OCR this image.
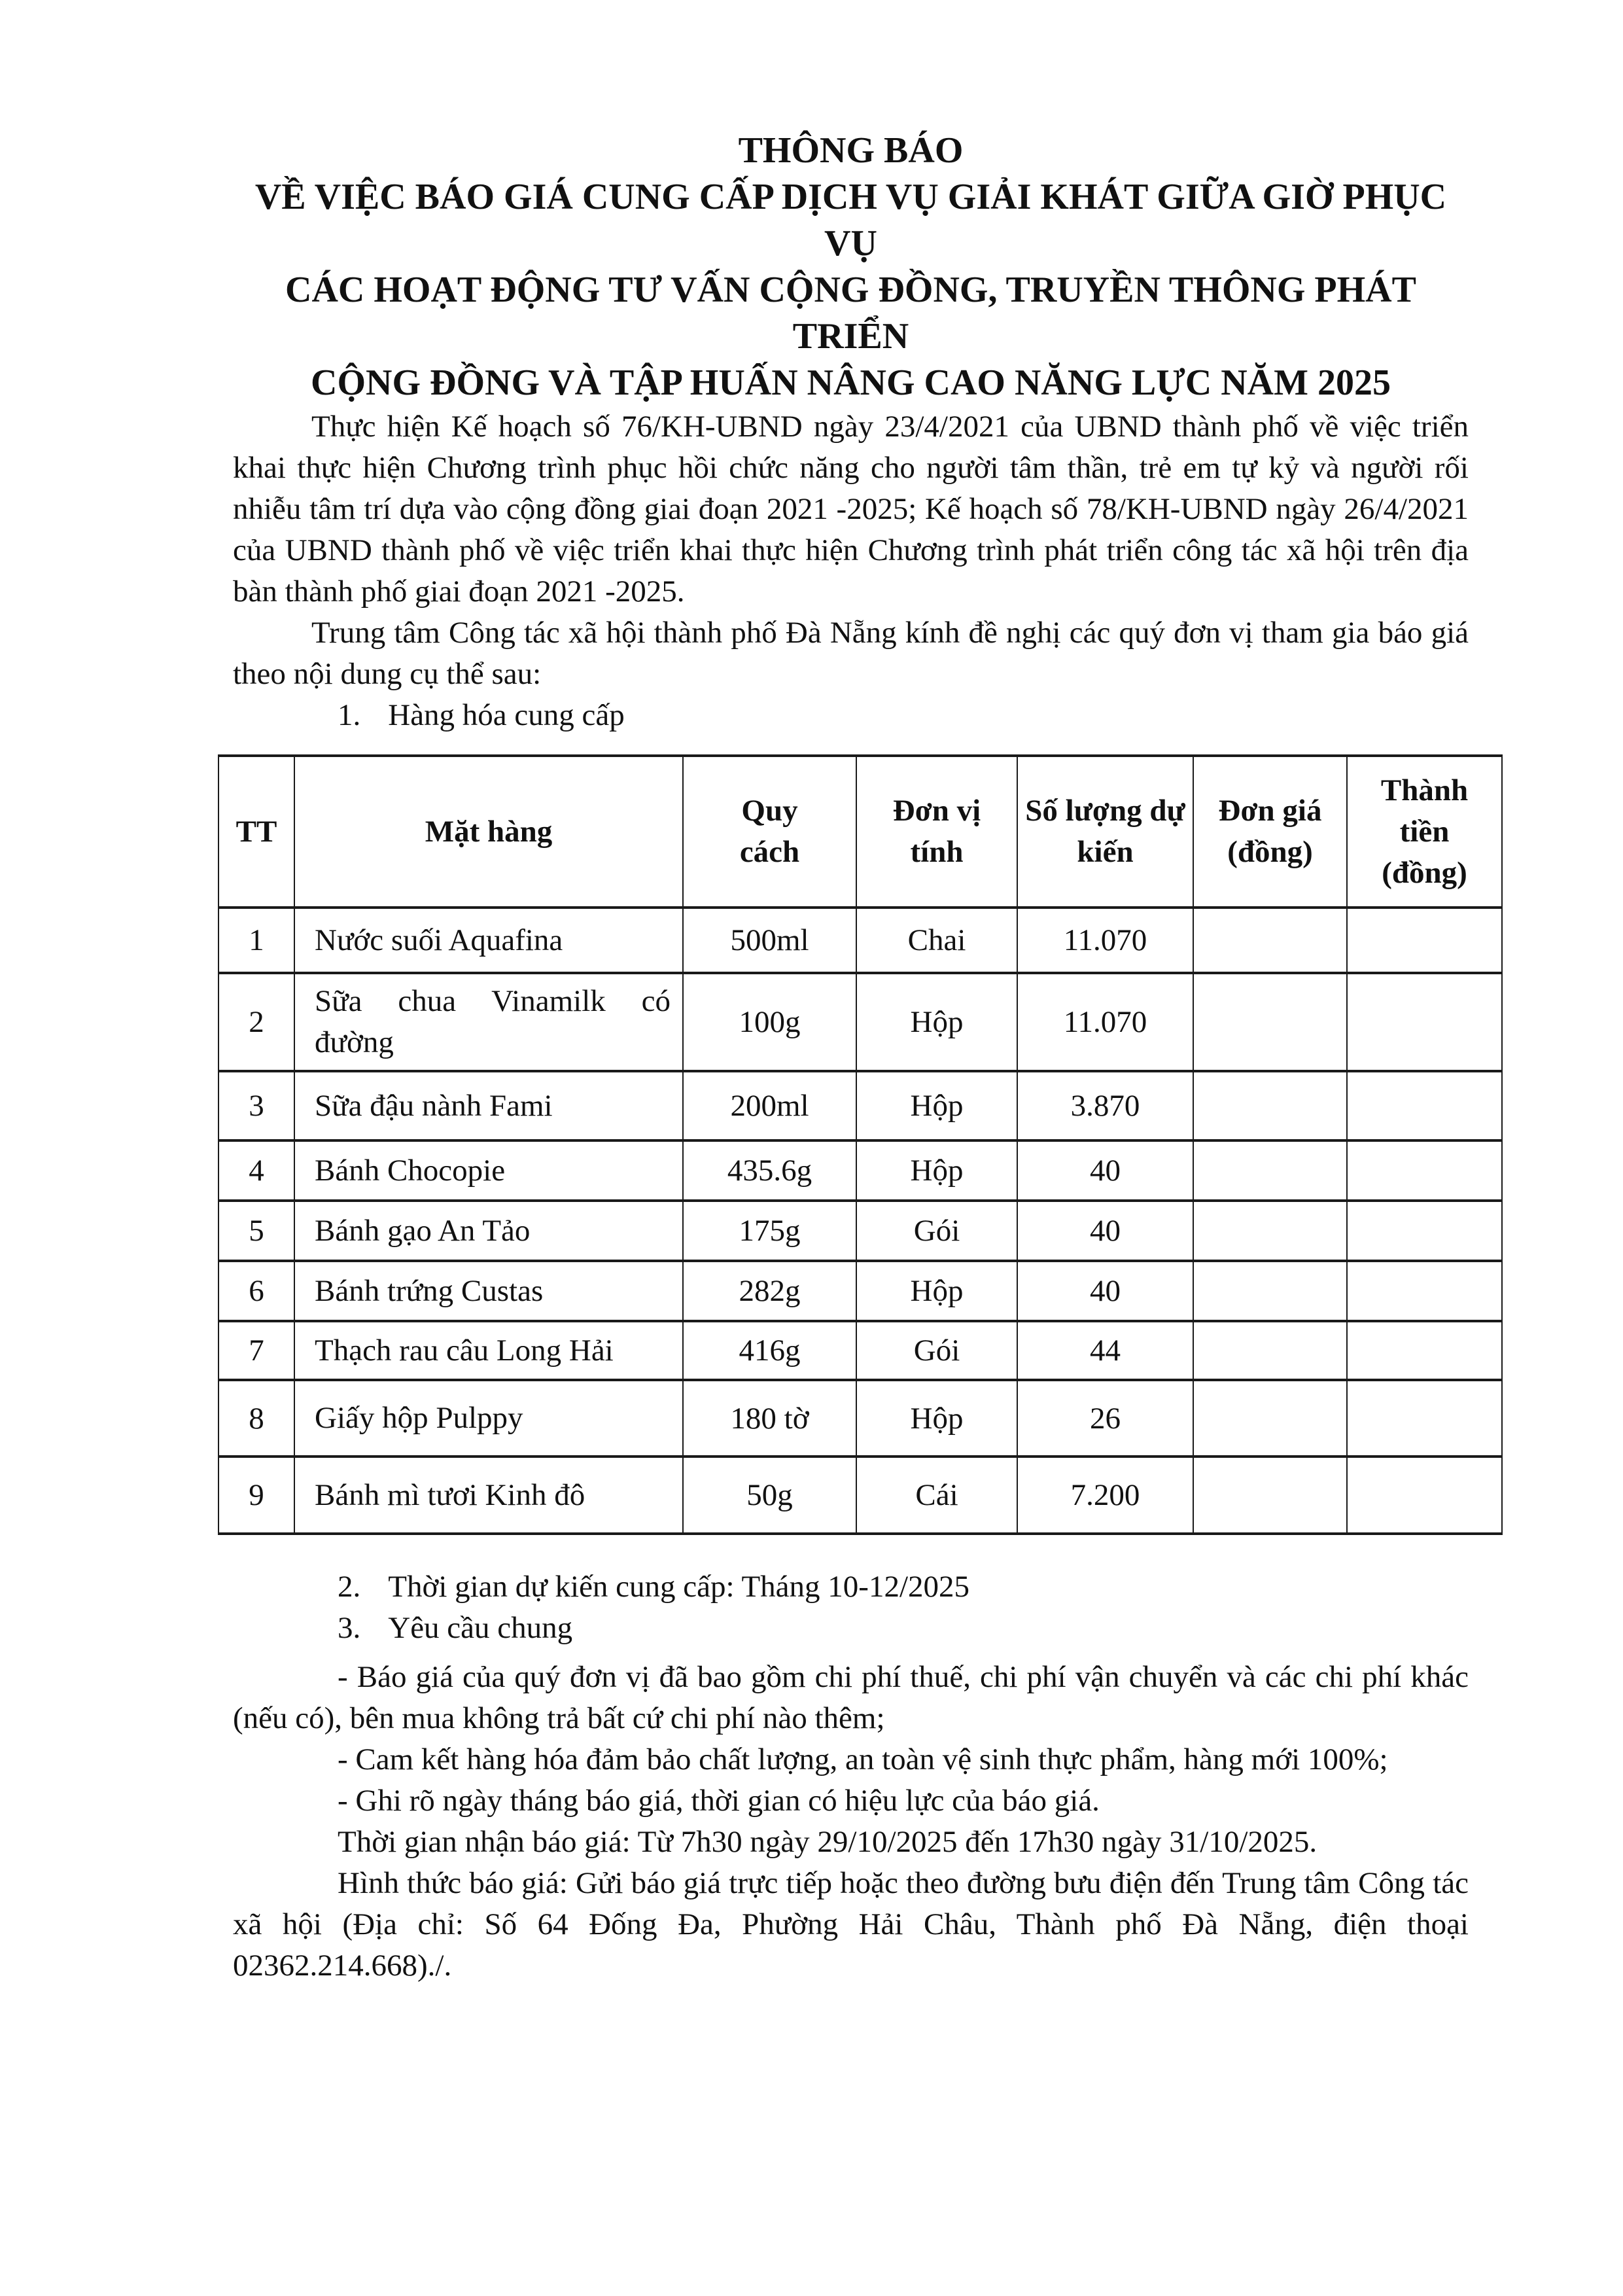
THÔNG BÁO

VỀ VIỆC BÁO GIÁ CUNG CẤP DỊCH VỤ GIẢI KHÁT GIỮA GIỜ PHỤC VỤ

CÁC HOẠT ĐỘNG TƯ VẤN CỘNG ĐỒNG, TRUYỀN THÔNG PHÁT TRIỂN

CỘNG ĐỒNG VÀ TẬP HUẤN NÂNG CAO NĂNG LỰC NĂM 2025

Thực hiện Kế hoạch số 76/KH-UBND ngày 23/4/2021 của UBND thành phố về việc triển khai thực hiện Chương trình phục hồi chức năng cho người tâm thần, trẻ em tự kỷ và người rối nhiễu tâm trí dựa vào cộng đồng giai đoạn 2021 -2025; Kế hoạch số 78/KH-UBND ngày 26/4/2021 của UBND thành phố về việc triển khai thực hiện Chương trình phát triển công tác xã hội trên địa bàn thành phố giai đoạn 2021 -2025.

Trung tâm Công tác xã hội thành phố Đà Nẵng kính đề nghị các quý đơn vị tham gia báo giá theo nội dung cụ thể sau:

1. Hàng hóa cung cấp

TT	Mặt hàng	Quy cách	Đơn vị tính	Số lượng dự kiến	Đơn giá (đồng)	Thành tiền (đồng)
1	Nước suối Aquafina	500ml	Chai	11.070		
2	Sữa chua Vinamilk có đường	100g	Hộp	11.070		
3	Sữa đậu nành Fami	200ml	Hộp	3.870		
4	Bánh Chocopie	435.6g	Hộp	40		
5	Bánh gạo An Tảo	175g	Gói	40		
6	Bánh trứng Custas	282g	Hộp	40		
7	Thạch rau câu Long Hải	416g	Gói	44		
8	Giấy hộp Pulppy	180 tờ	Hộp	26		
9	Bánh mì tươi Kinh đô	50g	Cái	7.200		

2. Thời gian dự kiến cung cấp: Tháng 10-12/2025

3. Yêu cầu chung

- Báo giá của quý đơn vị đã bao gồm chi phí thuế, chi phí vận chuyển và các chi phí khác (nếu có), bên mua không trả bất cứ chi phí nào thêm;

- Cam kết hàng hóa đảm bảo chất lượng, an toàn vệ sinh thực phẩm, hàng mới 100%;

- Ghi rõ ngày tháng báo giá, thời gian có hiệu lực của báo giá.

Thời gian nhận báo giá: Từ 7h30 ngày 29/10/2025 đến 17h30 ngày 31/10/2025.

Hình thức báo giá: Gửi báo giá trực tiếp hoặc theo đường bưu điện đến Trung tâm Công tác xã hội (Địa chỉ: Số 64 Đống Đa, Phường Hải Châu, Thành phố Đà Nẵng, điện thoại 02362.214.668)./.
